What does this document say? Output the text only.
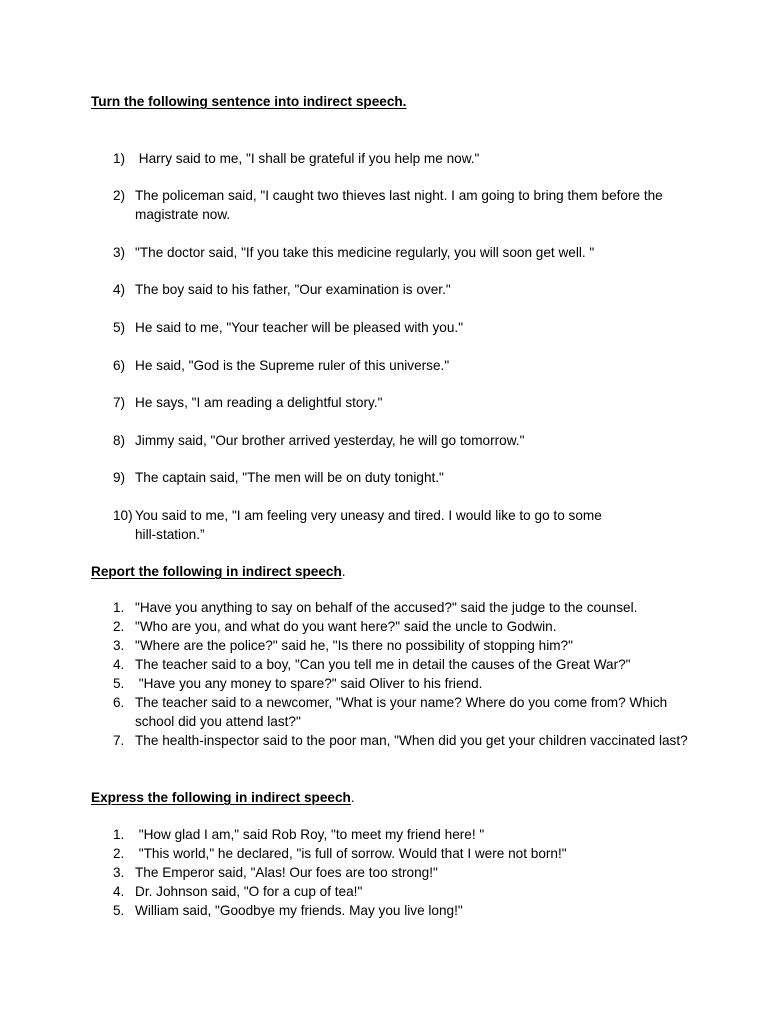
Turn the following sentence into indirect speech.
1) Harry said to me, "I shall be grateful if you help me now."
2) The policeman said, "I caught two thieves last night. I am going to bring them before the magistrate now.
3) "The doctor said, "If you take this medicine regularly, you will soon get well. "
4) The boy said to his father, "Our examination is over."
5) He said to me, "Your teacher will be pleased with you."
6) He said, "God is the Supreme ruler of this universe."
7) He says, "I am reading a delightful story."
8) Jimmy said, "Our brother arrived yesterday, he will go tomorrow."
9) The captain said, "The men will be on duty tonight."
10) You said to me, "I am feeling very uneasy and tired. I would like to go to some hill-station.”
Report the following in indirect speech.
1. "Have you anything to say on behalf of the accused?" said the judge to the counsel.
2. "Who are you, and what do you want here?" said the uncle to Godwin.
3. "Where are the police?" said he, "Is there no possibility of stopping him?"
4. The teacher said to a boy, "Can you tell me in detail the causes of the Great War?"
5. "Have you any money to spare?" said Oliver to his friend.
6. The teacher said to a newcomer, "What is your name? Where do you come from? Which school did you attend last?"
7. The health-inspector said to the poor man, "When did you get your children vaccinated last?
Express the following in indirect speech.
1. "How glad I am," said Rob Roy, "to meet my friend here! "
2. "This world," he declared, "is full of sorrow. Would that I were not born!"
3. The Emperor said, "Alas! Our foes are too strong!"
4. Dr. Johnson said, "O for a cup of tea!"
5. William said, "Goodbye my friends. May you live long!"
